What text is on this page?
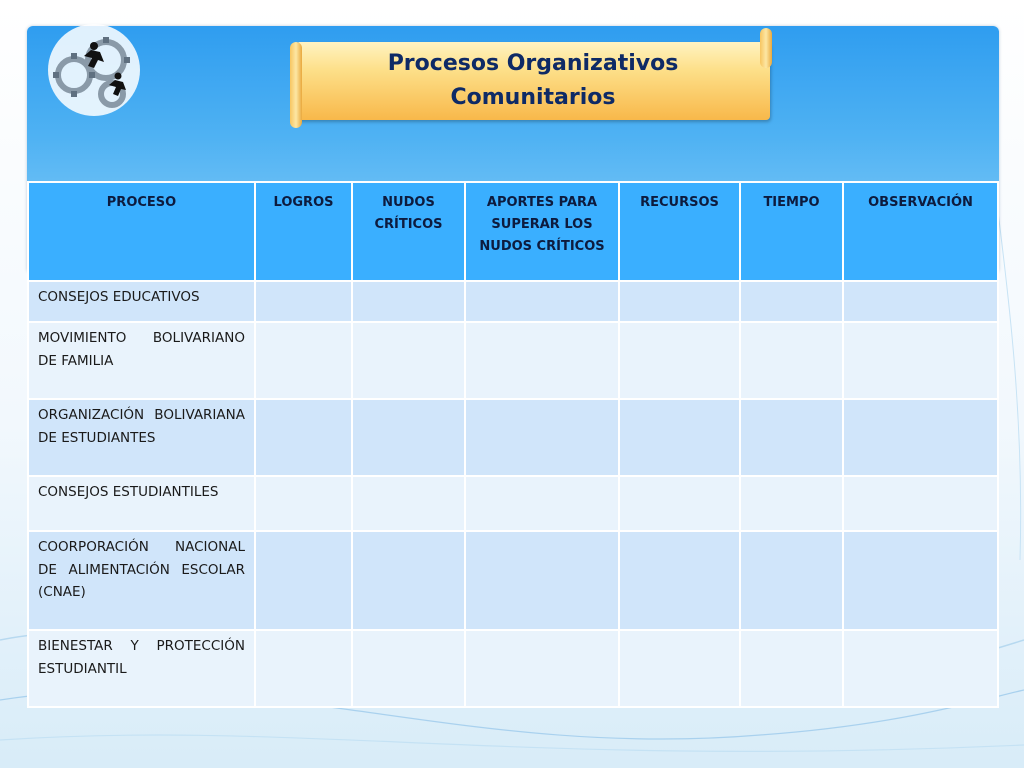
Procesos Organizativos
Comunitarios
PROCESO	LOGROS	NUDOS CRÍTICOS	APORTES PARA SUPERAR LOS NUDOS CRÍTICOS	RECURSOS	TIEMPO	OBSERVACIÓN
CONSEJOS EDUCATIVOS						
MOVIMIENTO BOLIVARIANO DE FAMILIA						
ORGANIZACIÓN BOLIVARIANA DE ESTUDIANTES						
CONSEJOS ESTUDIANTILES						
COORPORACIÓN NACIONAL DE ALIMENTACIÓN ESCOLAR (CNAE)						
BIENESTAR Y PROTECCIÓN ESTUDIANTIL						
